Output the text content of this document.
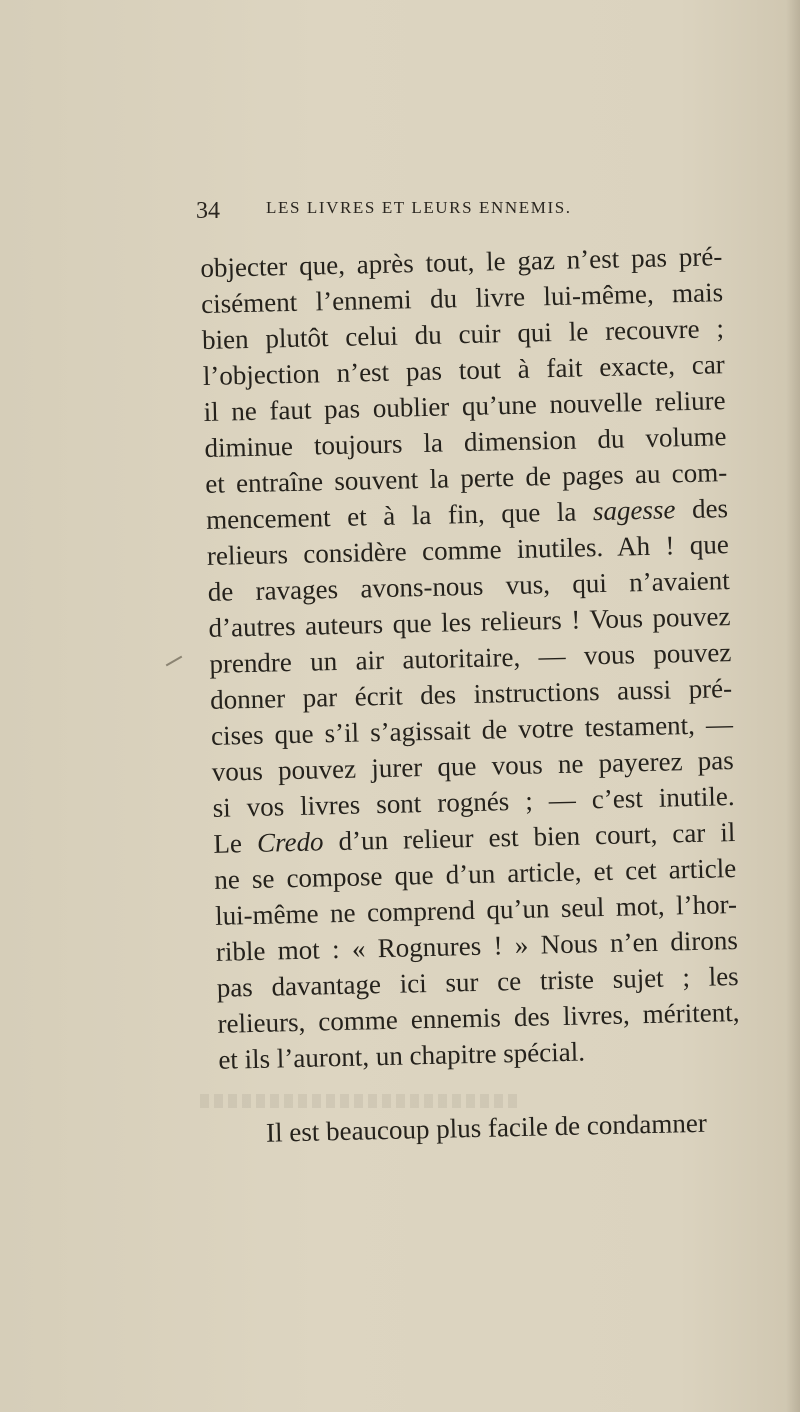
34	LES LIVRES ET LEURS ENNEMIS.
objecter que, après tout, le gaz n’est pas pré-
cisément l’ennemi du livre lui-même, mais
bien plutôt celui du cuir qui le recouvre ;
l’objection n’est pas tout à fait exacte, car
il ne faut pas oublier qu’une nouvelle reliure
diminue toujours la dimension du volume
et entraîne souvent la perte de pages au com-
mencement et à la fin, que la sagesse des
relieurs considère comme inutiles. Ah ! que
de ravages avons-nous vus, qui n’avaient
d’autres auteurs que les relieurs ! Vous pouvez
prendre un air autoritaire, — vous pouvez
donner par écrit des instructions aussi pré-
cises que s’il s’agissait de votre testament, —
vous pouvez jurer que vous ne payerez pas
si vos livres sont rognés ; — c’est inutile.
Le Credo d’un relieur est bien court, car il
ne se compose que d’un article, et cet article
lui-même ne comprend qu’un seul mot, l’hor-
rible mot : « Rognures ! » Nous n’en dirons
pas davantage ici sur ce triste sujet ; les
relieurs, comme ennemis des livres, méritent,
et ils l’auront, un chapitre spécial.
Il est beaucoup plus facile de condamner
